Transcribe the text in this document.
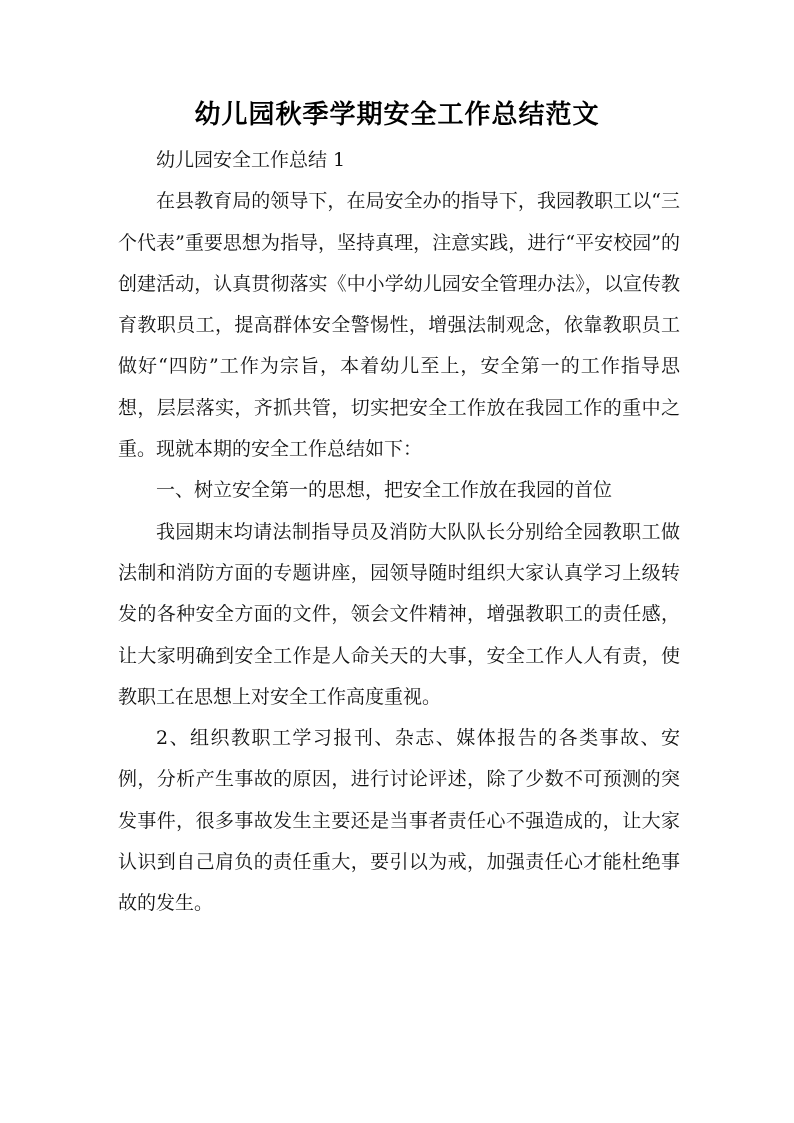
幼儿园秋季学期安全工作总结范文

幼儿园安全工作总结 1

在县教育局的领导下，在局安全办的指导下，我园教职工以“三个代表”重要思想为指导，坚持真理，注意实践，进行“平安校园”的创建活动，认真贯彻落实《中小学幼儿园安全管理办法》，以宣传教育教职员工，提高群体安全警惕性，增强法制观念，依靠教职员工做好“四防”工作为宗旨，本着幼儿至上，安全第一的工作指导思想，层层落实，齐抓共管，切实把安全工作放在我园工作的重中之重。现就本期的安全工作总结如下：

一、树立安全第一的思想，把安全工作放在我园的首位

我园期末均请法制指导员及消防大队队长分别给全园教职工做法制和消防方面的专题讲座，园领导随时组织大家认真学习上级转发的各种安全方面的文件，领会文件精神，增强教职工的责任感，让大家明确到安全工作是人命关天的大事，安全工作人人有责，使教职工在思想上对安全工作高度重视。

2、组织教职工学习报刊、杂志、媒体报告的各类事故、安例，分析产生事故的原因，进行讨论评述，除了少数不可预测的突发事件，很多事故发生主要还是当事者责任心不强造成的，让大家认识到自己肩负的责任重大，要引以为戒，加强责任心才能杜绝事故的发生。
